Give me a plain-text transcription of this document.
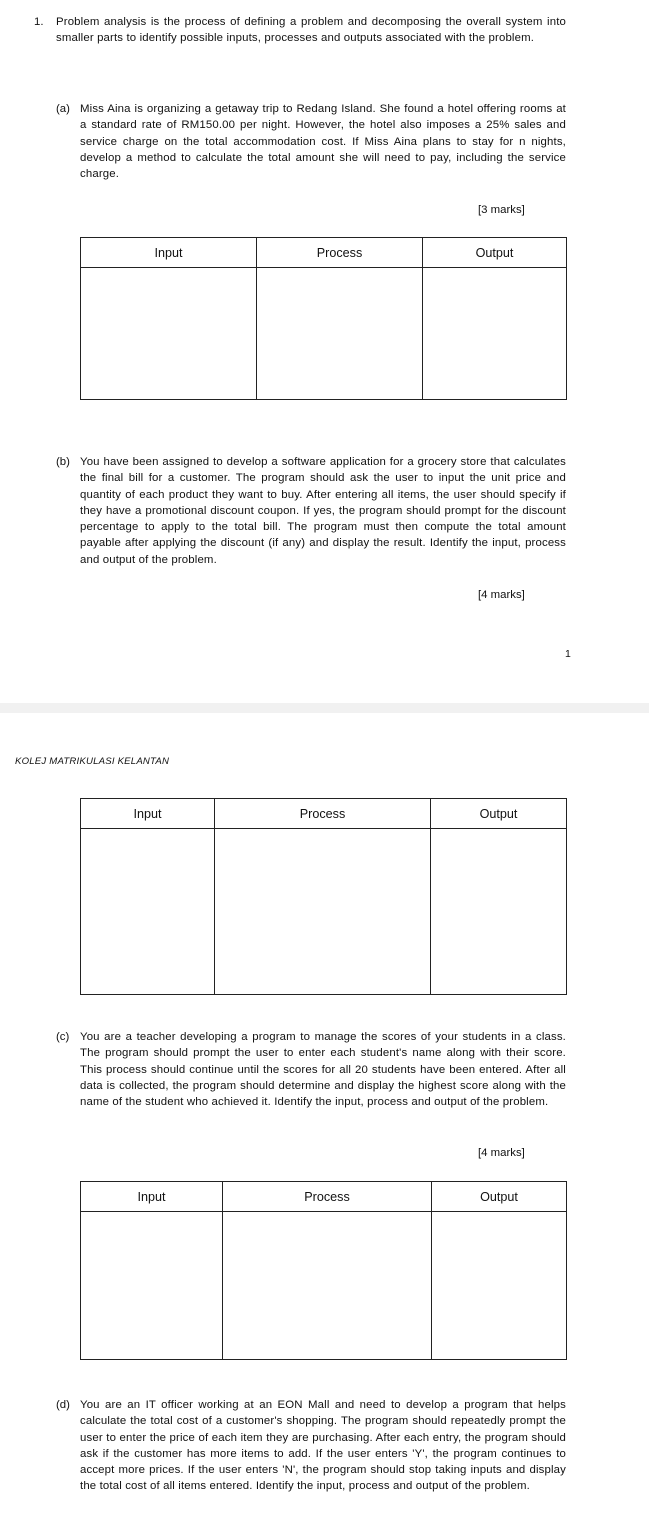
1. Problem analysis is the process of defining a problem and decomposing the overall system into smaller parts to identify possible inputs, processes and outputs associated with the problem.
(a) Miss Aina is organizing a getaway trip to Redang Island. She found a hotel offering rooms at a standard rate of RM150.00 per night. However, the hotel also imposes a 25% sales and service charge on the total accommodation cost. If Miss Aina plans to stay for n nights, develop a method to calculate the total amount she will need to pay, including the service charge.
[3 marks]
Input	Process	Output

(b) You have been assigned to develop a software application for a grocery store that calculates the final bill for a customer. The program should ask the user to input the unit price and quantity of each product they want to buy. After entering all items, the user should specify if they have a promotional discount coupon. If yes, the program should prompt for the discount percentage to apply to the total bill. The program must then compute the total amount payable after applying the discount (if any) and display the result. Identify the input, process and output of the problem.
[4 marks]
1
KOLEJ MATRIKULASI KELANTAN
Input	Process	Output

(c) You are a teacher developing a program to manage the scores of your students in a class. The program should prompt the user to enter each student's name along with their score. This process should continue until the scores for all 20 students have been entered. After all data is collected, the program should determine and display the highest score along with the name of the student who achieved it. Identify the input, process and output of the problem.
[4 marks]
Input	Process	Output

(d) You are an IT officer working at an EON Mall and need to develop a program that helps calculate the total cost of a customer's shopping. The program should repeatedly prompt the user to enter the price of each item they are purchasing. After each entry, the program should ask if the customer has more items to add. If the user enters 'Y', the program continues to accept more prices. If the user enters 'N', the program should stop taking inputs and display the total cost of all items entered. Identify the input, process and output of the problem.
